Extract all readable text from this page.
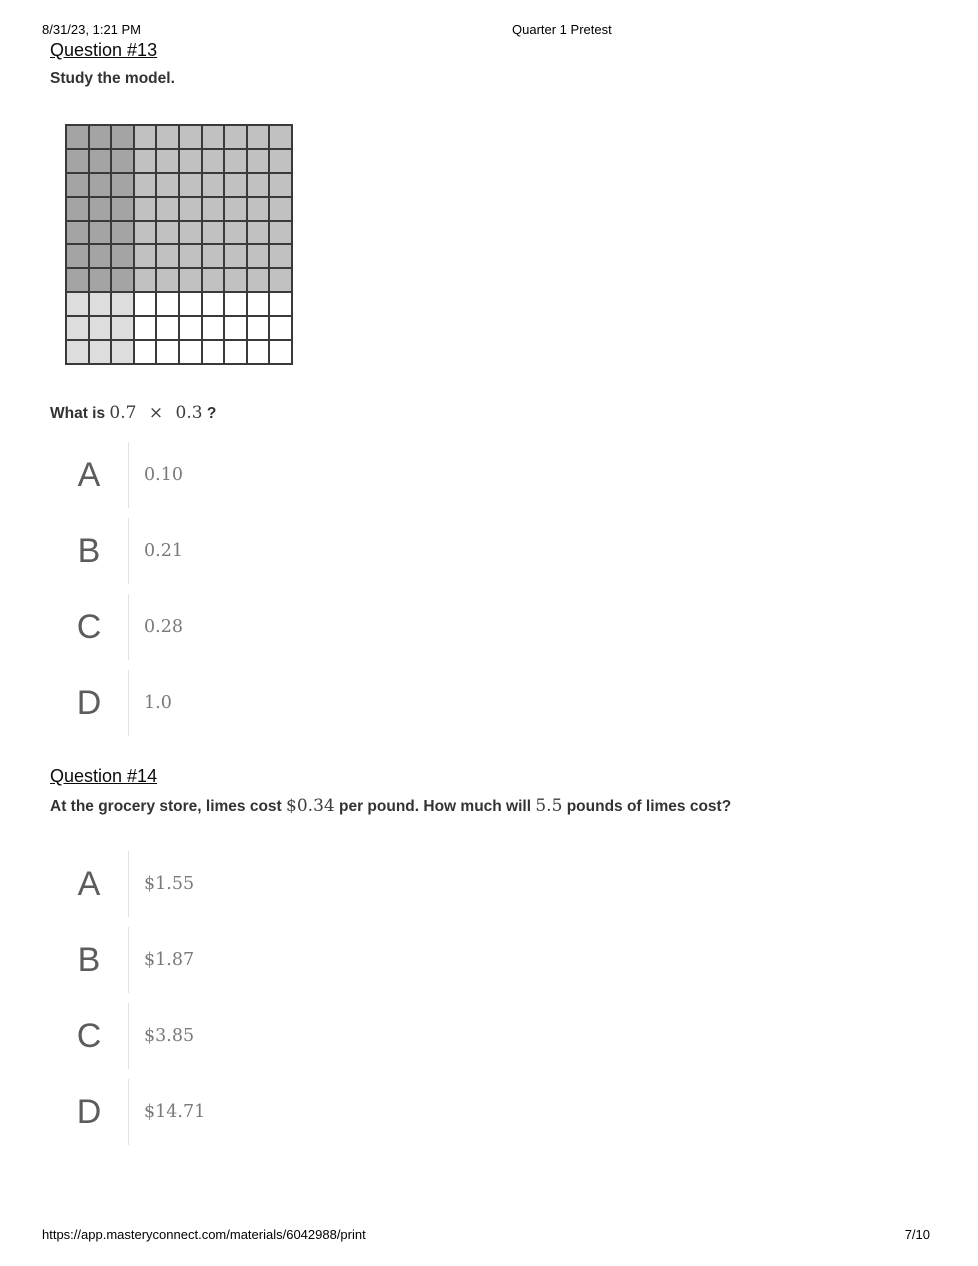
8/31/23, 1:21 PM	Quarter 1 Pretest
Question #13

Study the model.

What is 0.7 × 0.3 ?

A	0.10
B	0.21
C	0.28
D	1.0
Question #14

At the grocery store, limes cost $0.34 per pound. How much will 5.5 pounds of limes cost?

A	$1.55
B	$1.87
C	$3.85
D	$14.71
https://app.masteryconnect.com/materials/6042988/print	7/10
